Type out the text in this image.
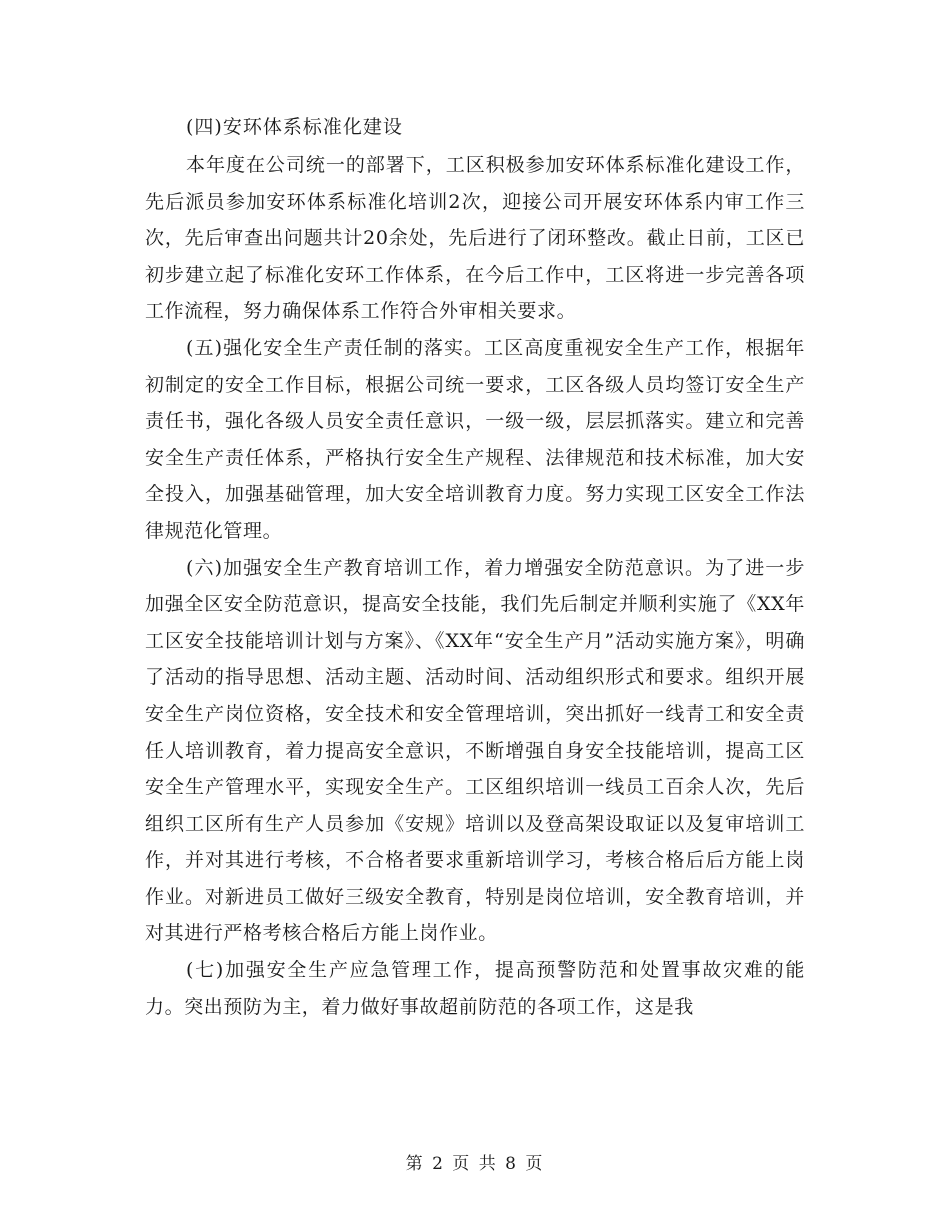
(四)安环体系标准化建设

本年度在公司统一的部署下，工区积极参加安环体系标准化建设工作，先后派员参加安环体系标准化培训2次，迎接公司开展安环体系内审工作三次，先后审查出问题共计20余处，先后进行了闭环整改。截止日前，工区已初步建立起了标准化安环工作体系，在今后工作中，工区将进一步完善各项工作流程，努力确保体系工作符合外审相关要求。

(五)强化安全生产责任制的落实。工区高度重视安全生产工作，根据年初制定的安全工作目标，根据公司统一要求，工区各级人员均签订安全生产责任书，强化各级人员安全责任意识，一级一级，层层抓落实。建立和完善安全生产责任体系，严格执行安全生产规程、法律规范和技术标准，加大安全投入，加强基础管理，加大安全培训教育力度。努力实现工区安全工作法律规范化管理。

(六)加强安全生产教育培训工作，着力增强安全防范意识。为了进一步加强全区安全防范意识，提高安全技能，我们先后制定并顺利实施了《XX年工区安全技能培训计划与方案》、《XX年“安全生产月”活动实施方案》，明确了活动的指导思想、活动主题、活动时间、活动组织形式和要求。组织开展安全生产岗位资格，安全技术和安全管理培训，突出抓好一线青工和安全责任人培训教育，着力提高安全意识，不断增强自身安全技能培训，提高工区安全生产管理水平，实现安全生产。工区组织培训一线员工百余人次，先后组织工区所有生产人员参加《安规》培训以及登高架设取证以及复审培训工作，并对其进行考核，不合格者要求重新培训学习，考核合格后后方能上岗作业。对新进员工做好三级安全教育，特别是岗位培训，安全教育培训，并对其进行严格考核合格后方能上岗作业。

(七)加强安全生产应急管理工作，提高预警防范和处置事故灾难的能力。突出预防为主，着力做好事故超前防范的各项工作，这是我

第 2 页 共 8 页
